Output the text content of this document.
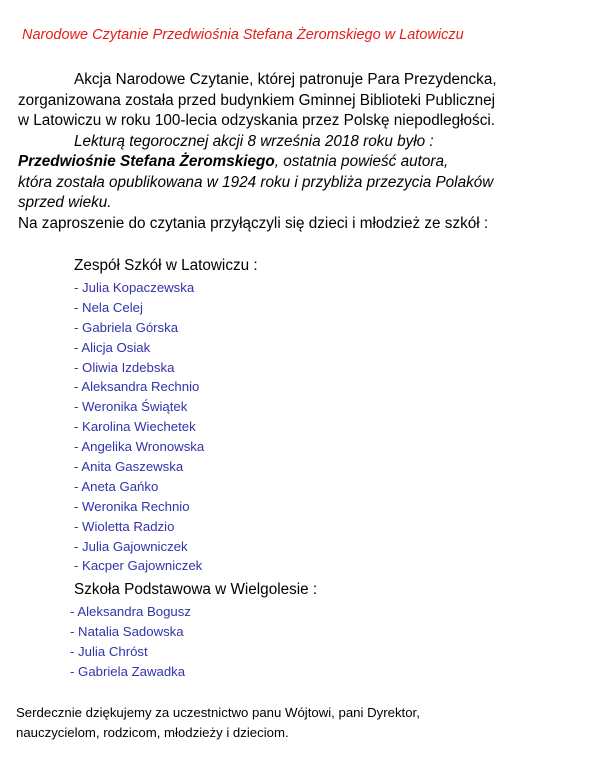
Narodowe Czytanie Przedwiośnia Stefana Żeromskiego w Latowiczu

Akcja Narodowe Czytanie, której patronuje Para Prezydencka,

zorganizowana została przed budynkiem Gminnej Biblioteki Publicznej

w Latowiczu w roku 100-lecia odzyskania przez Polskę niepodległości.

Lekturą tegorocznej akcji 8 września 2018 roku było :

Przedwiośnie Stefana Żeromskiego, ostatnia powieść autora,

która została opublikowana w 1924 roku i przybliża przezycia Polaków

sprzed wieku.

Na zaproszenie do czytania przyłączyli się dzieci i młodzież ze szkół :

Zespół Szkół w Latowiczu :
- Julia Kopaczewska
- Nela Celej
- Gabriela Górska
- Alicja Osiak
- Oliwia Izdebska
- Aleksandra Rechnio
- Weronika Świątek
- Karolina Wiechetek
- Angelika Wronowska
- Anita Gaszewska
- Aneta Gańko
- Weronika Rechnio
- Wioletta Radzio
- Julia Gajowniczek
- Kacper Gajowniczek
Szkoła Podstawowa w Wielgolesie :
- Aleksandra Bogusz
- Natalia Sadowska
- Julia Chróst
- Gabriela Zawadka
Serdecznie dziękujemy za uczestnictwo panu Wójtowi, pani Dyrektor,
nauczycielom, rodzicom, młodzieży i dzieciom.
